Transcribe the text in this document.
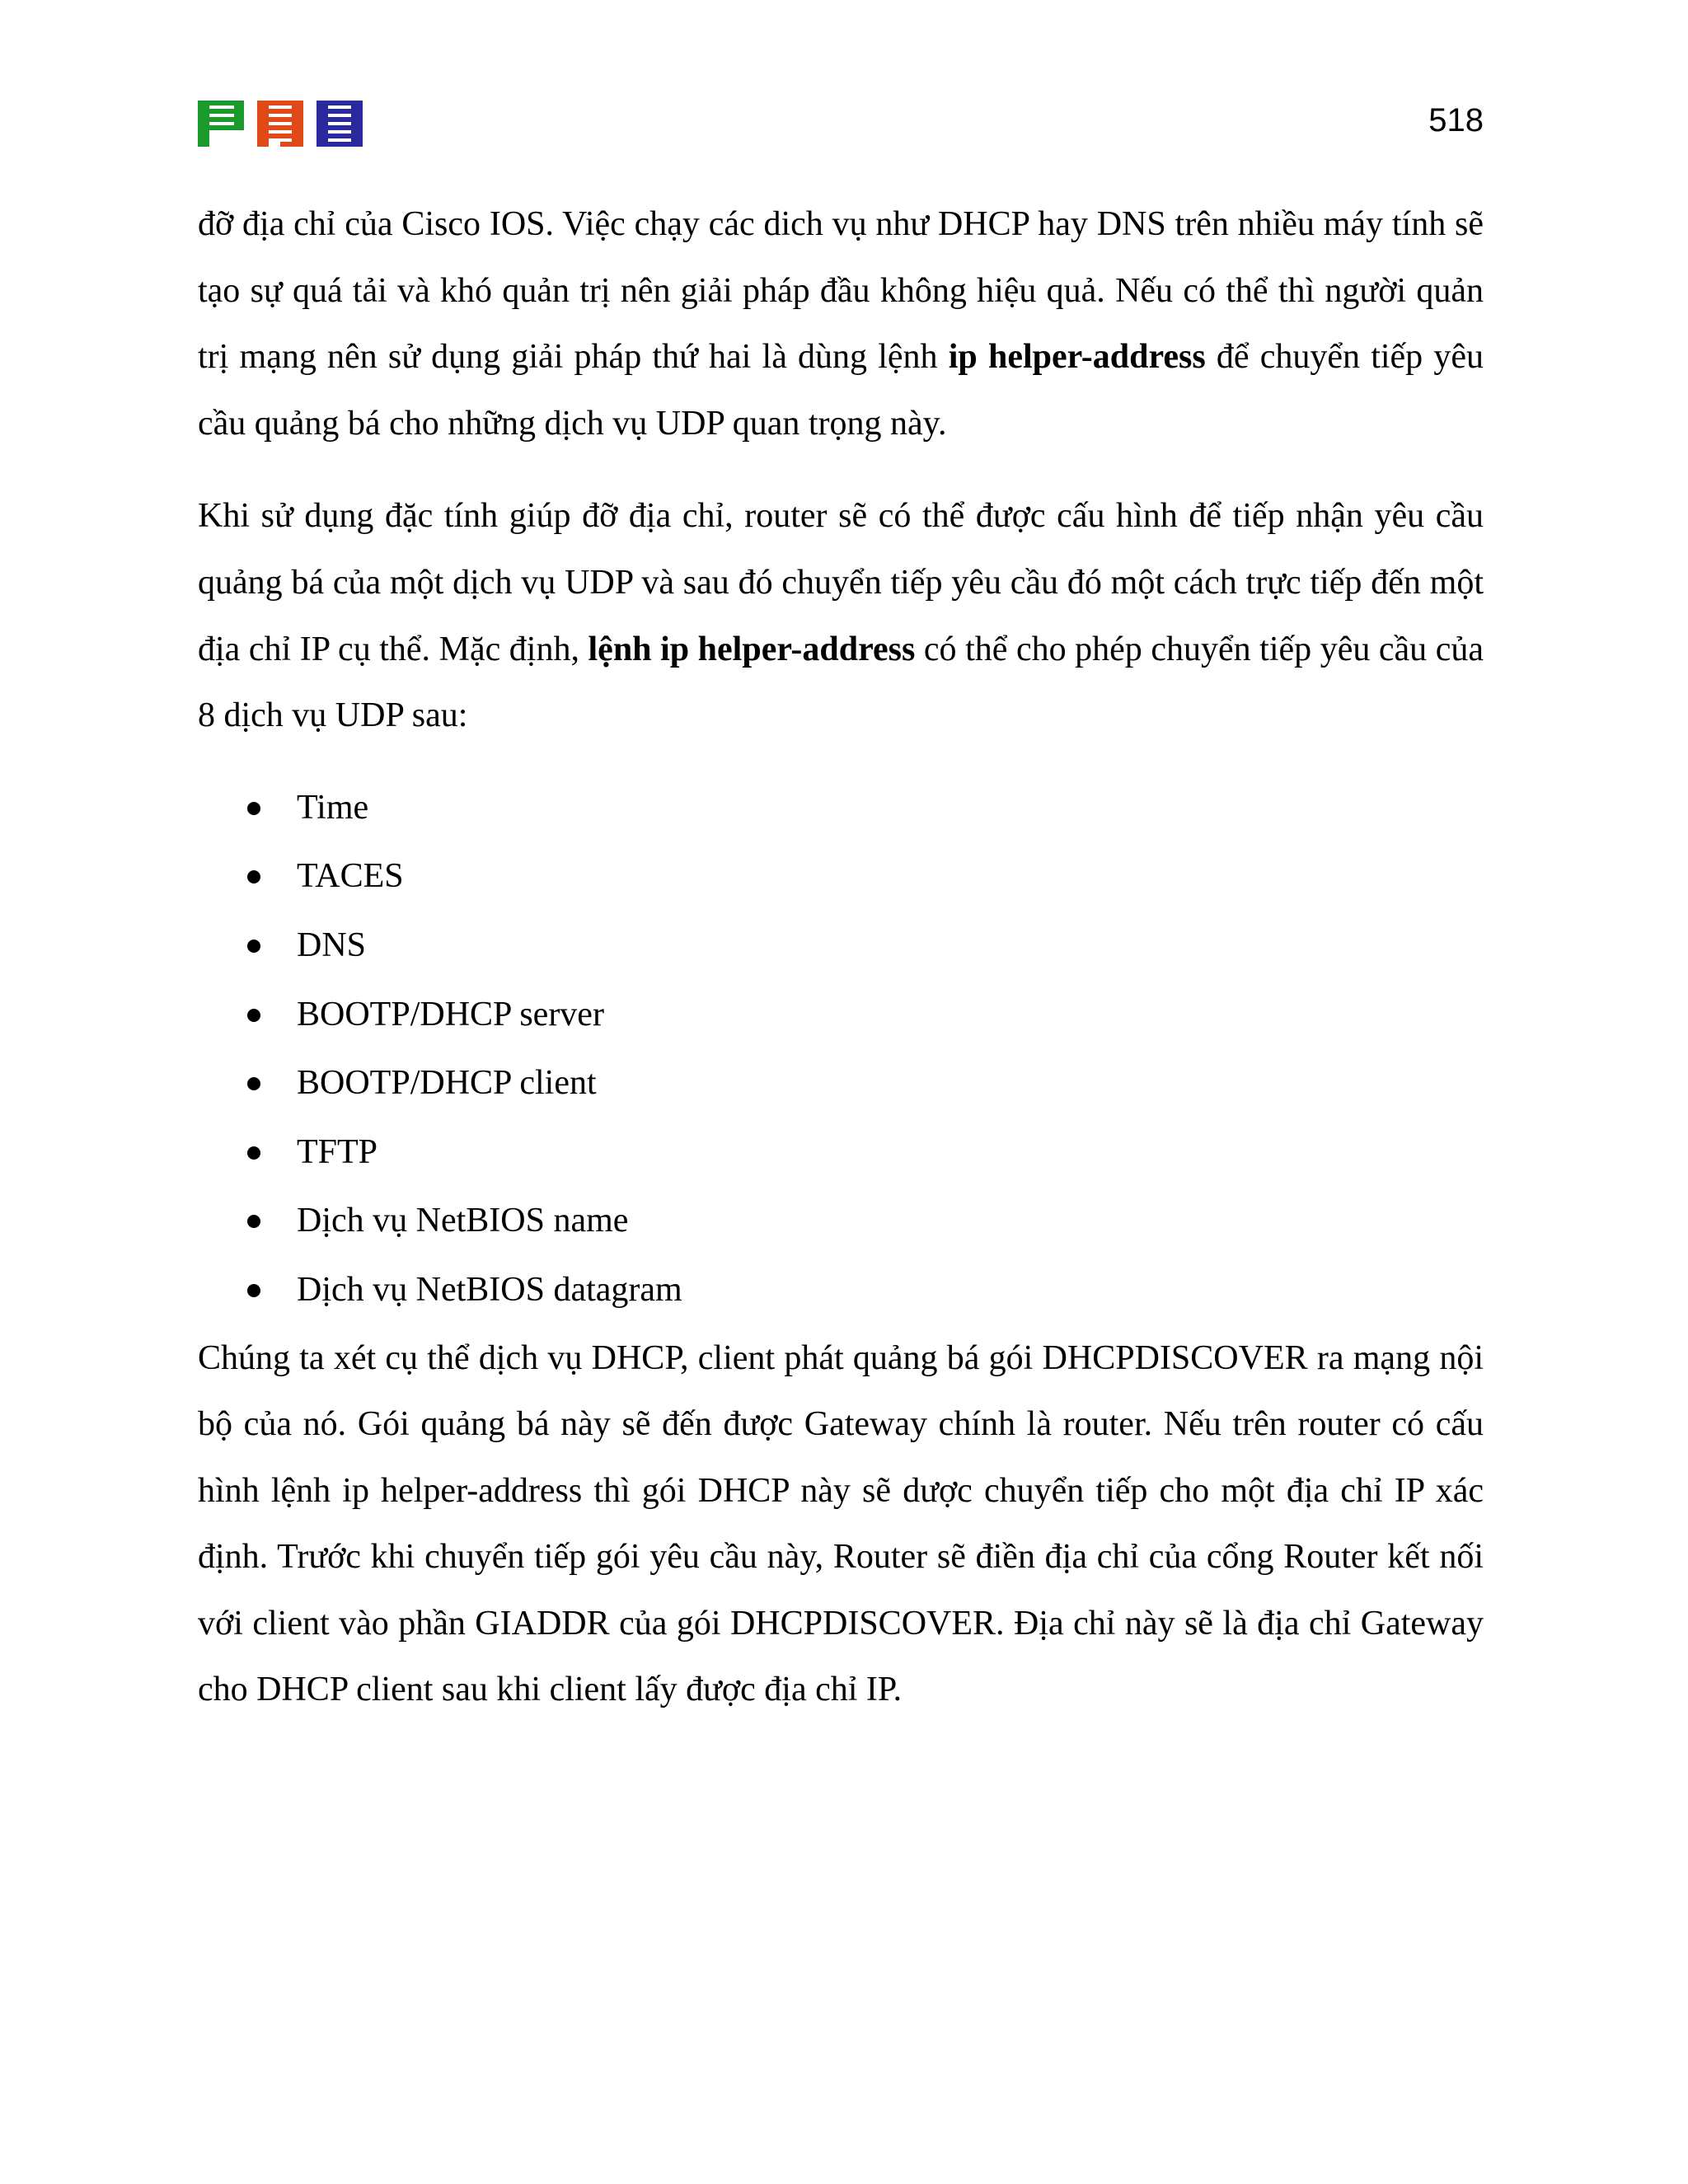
518

đỡ địa chỉ của Cisco IOS. Việc chạy các dich vụ như DHCP hay DNS trên nhiều máy tính sẽ tạo sự quá tải và khó quản trị nên giải pháp đầu không hiệu quả. Nếu có thể thì người quản trị mạng nên sử dụng giải pháp thứ hai là dùng lệnh ip helper-address để chuyển tiếp yêu cầu quảng bá cho những dịch vụ UDP quan trọng này.

Khi sử dụng đặc tính giúp đỡ địa chỉ, router sẽ có thể được cấu hình để tiếp nhận yêu cầu quảng bá của một dịch vụ UDP và sau đó chuyển tiếp yêu cầu đó một cách trực tiếp đến một địa chỉ IP cụ thể. Mặc định, lệnh ip helper-address có thể cho phép chuyển tiếp yêu cầu của 8 dịch vụ UDP sau:

Time
TACES
DNS
BOOTP/DHCP server
BOOTP/DHCP client
TFTP
Dịch vụ NetBIOS name
Dịch vụ NetBIOS datagram

Chúng ta xét cụ thể dịch vụ DHCP, client phát quảng bá gói DHCPDISCOVER ra mạng nội bộ của nó. Gói quảng bá này sẽ đến được Gateway chính là router. Nếu trên router có cấu hình lệnh ip helper-address thì gói DHCP này sẽ dược chuyển tiếp cho một địa chỉ IP xác định. Trước khi chuyển tiếp gói yêu cầu này, Router sẽ điền địa chỉ của cổng Router kết nối với client vào phần GIADDR của gói DHCPDISCOVER. Địa chỉ này sẽ là địa chỉ Gateway cho DHCP client sau khi client lấy được địa chỉ IP.
